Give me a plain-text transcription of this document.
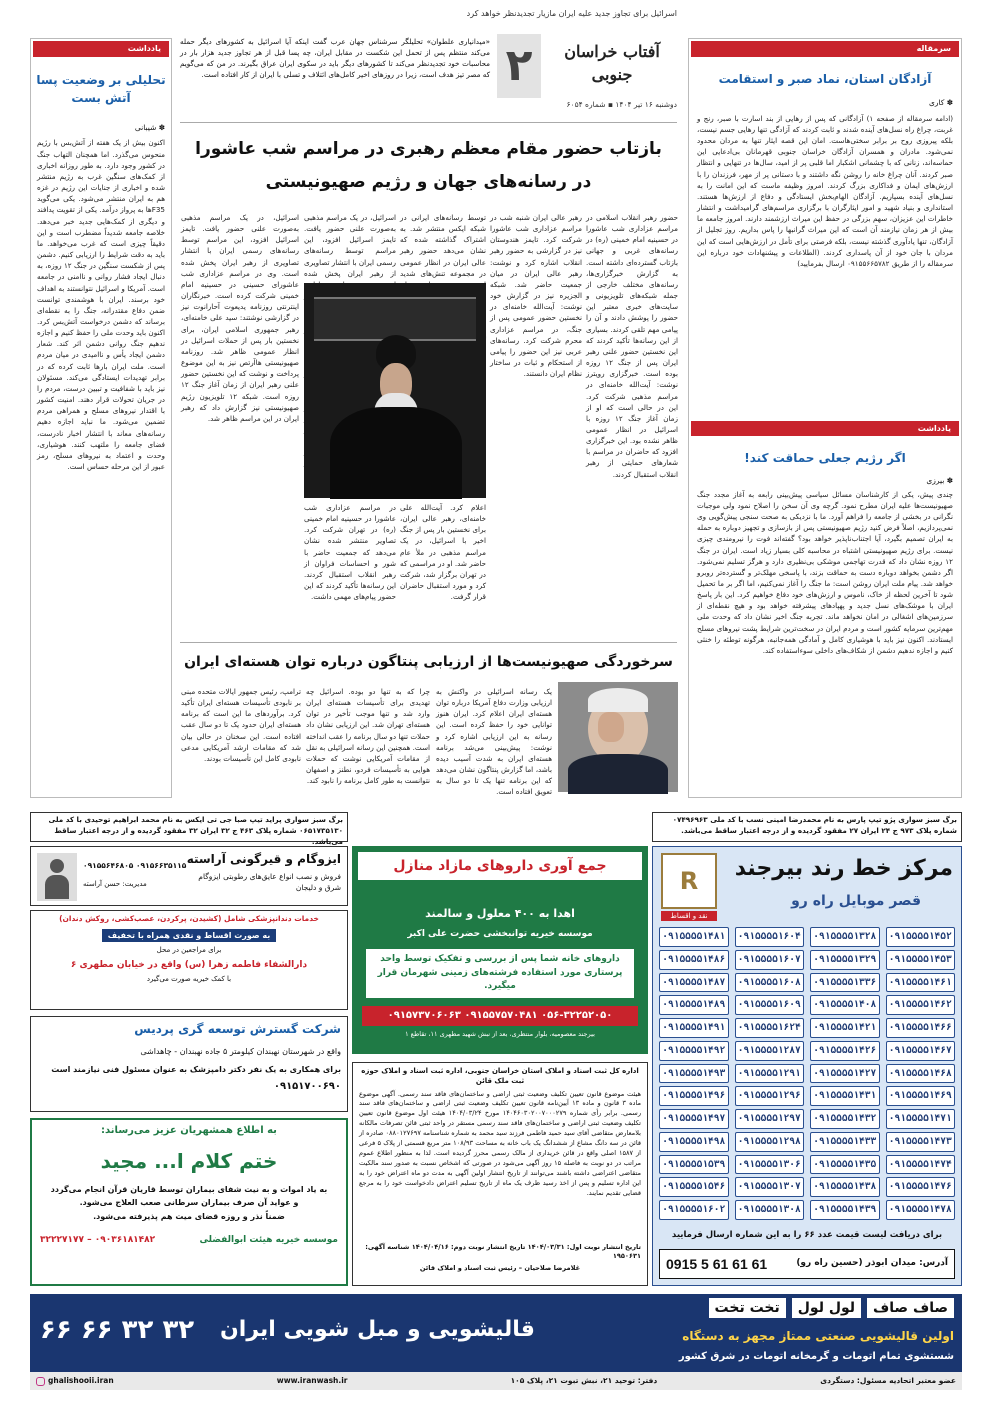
سرمقاله
آزادگان استان، نماد صبر و استقامت
✽ کاری
(ادامه سرمقاله از صفحه ۱) آزادگانی که پس از رهایی از بند اسارت با صبر، رنج و غربت، چراغ راه نسل‌های آینده شدند و ثابت کردند که آزادگی تنها رهایی جسم نیست، بلکه پیروزی روح بر برابر سختی‌هاست. امان این قصه ایثار تنها به مردان محدود نمی‌شود. مادران و همسران آزادگان خراسان جنوبی قهرمانان بی‌ادعایی این حماسه‌اند، زنانی که با چشمانی اشکبار اما قلبی پر از امید، سال‌ها در تنهایی و انتظار صبر کردند. آنان چراغ خانه را روشن نگه داشتند و با دستانی پر از مهر، فرزندان را با ارزش‌های ایمان و فداکاری بزرگ کردند. امروز وظیفه ماست که این امانت را به نسل‌های آینده بسپاریم. آزادگان الهام‌بخش ایستادگی و دفاع از ارزش‌ها هستند. استانداری و بنیاد شهید و امور ایثارگران با برگزاری مراسم‌های گرامیداشت و انتشار خاطرات این عزیزان، سهم بزرگی در حفظ این میراث ارزشمند دارند. امروز جامعه ما بیش از هر زمان نیازمند آن است که این میراث گرانبها را پاس بداریم. روز تجلیل از آزادگان، تنها یادآوری گذشته نیست، بلکه فرصتی برای تأمل در ارزش‌هایی است که این مردان با جان خود از آن پاسداری کردند. (الطلاعات و پیشنهادات خود درباره این سرمقاله را از طریق ۰۹۱۵۵۶۶۵۷۸۲ ارسال بفرمایید)
یادداشت
اگر رژیم جعلی حماقت کند!
✽ بیرزی
چندی پیش، یکی از کارشناسان مسائل سیاسی پیش‌بینی رابعه به آغاز مجدد جنگ صهیونیست‌ها علیه ایران مطرح نمود. گرچه وی آن سخن را اصلاح نمود ولی موجبات نگرانی در بخشی از جامعه را فراهم آورد. ما با نزدیکی به صحت سنجی پیش‌گویی وی نمی‌پردازیم، اصلاً فرض کنید رژیم صهیونیستی پس از بازسازی و تجهیز دوباره به حمله به ایران تصمیم بگیرد، آیا اجتناب‌ناپذیر خواهد بود؟ گفته‌اند فوت را نیرومندی چیزی نیست. برای رژیم صهیونیستی اشتباه در محاسبه کلی بسیار زیاد است. ایران در جنگ ۱۲ روزه نشان داد که قدرت تهاجمی موشکی بی‌نظیری دارد و هرگز تسلیم نمی‌شود. اگر دشمن بخواهد دوباره دست به حماقت بزند، با پاسخی مهلک‌تر و گسترده‌تر روبرو خواهد شد. پیام ملت ایران روشن است: ما جنگ را آغاز نمی‌کنیم، اما اگر بر ما تحمیل شود تا آخرین لحظه از خاک، ناموس و ارزش‌های خود دفاع خواهیم کرد. این بار پاسخ ایران با موشک‌های نسل جدید و پهپادهای پیشرفته خواهد بود و هیچ نقطه‌ای از سرزمین‌های اشغالی در امان نخواهد ماند. تجربه جنگ اخیر نشان داد که وحدت ملی مهم‌ترین سرمایه کشور است و مردم ایران در سخت‌ترین شرایط پشت نیروهای مسلح ایستادند. اکنون نیز باید با هوشیاری کامل و آمادگی همه‌جانبه، هرگونه توطئه را خنثی کنیم و اجازه ندهیم دشمن از شکاف‌های داخلی سوءاستفاده کند.
اسرائیل برای تجاوز جدید علیه ایران مازیار تجدیدنظر خواهد کرد
۲	آفتاب خراسان جنوبی
دوشنبه ۱۶ تیر ۱۴۰۴ ▪ شماره ۶۰۵۴
«میدانیاری علطوان» تحلیلگر سرشناس جهان عرب گفت اینکه آیا اسرائیل به کشورهای دیگر حمله می‌کند منتظم پس از تحمل این شکست در مقابل ایران، چه پسا قبل از هر تجاوز جدید هزار بار در محاسبات خود تجدیدنظر می‌کند تا کشورهای دیگر باید در سکوی ایران عراق بگیرند. در من که می‌گویم که مصر تیز هدف است، زیرا در روزهای اخیر کامل‌های ائتلاف و تسلی با ایران از کار افتاده است.
بازتاب حضور مقام معظم رهبری در مراسم شب عاشورا
در رسانه‌های جهان و رژیم صهیونیستی
حضور رهبر انقلاب اسلامی در مراسم عزاداری شب عاشورا در حسینیه امام خمینی (ره) در رسانه‌های غربی و جهانی بازتاب گسترده‌ای داشته است. به گزارش خبرگزاری‌ها، رسانه‌های مختلف خارجی از جمله شبکه‌های تلویزیونی و سایت‌های خبری معتبر این حضور را پوشش دادند و آن را پیامی مهم تلقی کردند. بسیاری از این رسانه‌ها تأکید کردند که این نخستین حضور علنی رهبر ایران پس از جنگ ۱۲ روزه بوده است. خبرگزاری رویترز نوشت: آیت‌الله خامنه‌ای در مراسم مذهبی شرکت کرد. این در حالی است که او از زمان آغاز جنگ ۱۲ روزه با اسرائیل در انظار عمومی ظاهر نشده بود. این خبرگزاری افزود که حاضران در مراسم با شعارهای حمایتی از رهبر انقلاب استقبال کردند.
رهبر عالی ایران شنبه شب در مراسم عزاداری شب عاشورا شرکت کرد. تایمز هندوستان نیز در گزارشی به حضور رهبر انقلاب اشاره کرد و نوشت: رهبر عالی ایران در میان جمعیت حاضر شد. شبکه الجزیره نیز در گزارش خود نوشت: آیت‌الله خامنه‌ای در نخستین حضور عمومی پس از جنگ، در مراسم عزاداری محرم شرکت کرد. رسانه‌های عربی نیز این حضور را پیامی از استحکام و ثبات در ساختار نظام ایران دانستند.
توسط رسانه‌های ایرانی در شبکه ایکس منتشر شد. به اشتراک گذاشته شده که نشان می‌دهد حضور رهبر عالی ایران در انظار عمومی در مجموعه تنش‌های شدید
اسرائیل، در یک مراسم مذهبی به‌صورت علنی حضور یافت. تایمز اسرائیل افزود، این مراسم توسط رسانه‌های رسمی ایران با انتشار تصاویری از رهبر ایران پخش شده
اسرائیل، در یک مراسم مذهبی به‌صورت علنی حضور یافت. تایمز اسرائیل افزود، این مراسم توسط رسانه‌های رسمی ایران با انتشار تصاویری از رهبر ایران پخش شده است. وی در مراسم عزاداری شب عاشورای حسینی در حسینیه امام خمینی شرکت کرده است. خبرنگاران اینترنتی روزنامه یدیعوت آحارانوت نیز در گزارشی نوشتند: سید علی خامنه‌ای، رهبر جمهوری اسلامی ایران، برای نخستین بار پس از حملات اسرائیل در انظار عمومی ظاهر شد. روزنامه صهیونیستی هاآرتص نیز به این موضوع پرداخت و نوشت که این نخستین حضور علنی رهبر ایران از زمان آغاز جنگ ۱۲ روزه است. شبکه ۱۲ تلویزیون رژیم صهیونیستی نیز گزارش داد که رهبر ایران در این مراسم ظاهر شد.
اعلام کرد. آیت‌الله علی خامنه‌ای، رهبر عالی ایران، برای نخستین بار پس از جنگ اخیر با اسرائیل، در یک مراسم مذهبی در ملأ عام حاضر شد. او در مراسمی که در تهران برگزار شد، شرکت کرد و مورد استقبال حاضران قرار گرفت.
در مراسم عزاداری شب عاشورا در حسینیه امام خمینی (ره) در تهران شرکت کرد. تصاویر منتشر شده نشان می‌دهد که جمعیت حاضر با شور و احساسات فراوان از رهبر انقلاب استقبال کردند. این رسانه‌ها تأکید کردند که این حضور پیام‌های مهمی داشت.
سرخوردگی صهیونیست‌ها از ارزیابی پنتاگون درباره توان هسته‌ای ایران
یک رسانه اسرائیلی در واکنش به ارزیابی وزارت دفاع آمریکا درباره توان هسته‌ای ایران اعلام کرد. ایران هنوز توانایی خود را حفظ کرده است. این رسانه به این ارزیابی اشاره کرد و نوشت: پیش‌بینی می‌شد برنامه هسته‌ای ایران به شدت آسیب دیده باشد، اما گزارش پنتاگون نشان می‌دهد که این برنامه تنها یک تا دو سال به تعویق افتاده است.
چرا که به تنها دو بوده. اسرائیل چه تهدیدی برای تأسیسات هسته‌ای ایران وارد شد و تنها موجب تأخیر در توان هسته‌ای تهران شد. این ارزیابی نشان داد حملات تنها دو سال برنامه را عقب انداخته است. همچنین این رسانه اسرائیلی به نقل از مقامات آمریکایی نوشت که حملات هوایی به تأسیسات فردو، نطنز و اصفهان نتوانست به طور کامل برنامه را نابود کند.
ترامپ، رئیس جمهور ایالات متحده مبنی بر نابودی تأسیسات هسته‌ای ایران تأکید کرد. برآوردهای ما این است که برنامه هسته‌ای ایران حدود یک تا دو سال عقب افتاده است. این سخنان در حالی بیان شد که مقامات ارشد آمریکایی مدعی نابودی کامل این تأسیسات بودند.
یادداشت
تحلیلی بر وضعیت پسا آتش بست
✽ شیبانی
اکنون بیش از یک هفته از آتش‌بس با رژیم منحوس می‌گذرد. اما همچنان التهاب جنگ در کشور وجود دارد. به طور روزانه اخباری از کمک‌های سنگین غرب به رژیم منتشر شده و اخباری از جنایات این رژیم در غزه هم به ایران منتشر می‌شود. یکی می‌گوید F35ها به پرواز درآمد. یکی از تقویت پدافند و دیگری از کمک‌هایی جدید خبر می‌دهد. خلاصه جامعه شدیداً مضطرب است و این دقیقاً چیزی است که غرب می‌خواهد. ما باید به دقت شرایط را ارزیابی کنیم. دشمن پس از شکست سنگین در جنگ ۱۲ روزه، به دنبال ایجاد فشار روانی و ناامنی در جامعه است. آمریکا و اسرائیل نتوانستند به اهداف خود برسند. ایران با هوشمندی توانست ضمن دفاع مقتدرانه، جنگ را به نقطه‌ای برساند که دشمن درخواست آتش‌بس کرد. اکنون باید وحدت ملی را حفظ کنیم و اجازه ندهیم جنگ روانی دشمن اثر کند. شعار دشمن ایجاد یأس و ناامیدی در میان مردم است. ملت ایران بارها ثابت کرده که در برابر تهدیدات ایستادگی می‌کند. مسئولان نیز باید با شفافیت و تبیین درست، مردم را در جریان تحولات قرار دهند. امنیت کشور با اقتدار نیروهای مسلح و همراهی مردم تضمین می‌شود. ما نباید اجازه دهیم رسانه‌های معاند با انتشار اخبار نادرست، فضای جامعه را ملتهب کنند. هوشیاری، وحدت و اعتماد به نیروهای مسلح، رمز عبور از این مرحله حساس است.
برگ سبز سواری پژو تیپ پارس به نام محمدرضا امینی نسب با کد ملی ۰۷۴۹۶۹۶۳ شماره پلاک ۹۷۳ ج ۲۴ ایران ۲۷ مفقود گردیده و از درجه اعتبار ساقط می‌باشد.
برگ سبز سواری پراید تیپ صبا جی تی ایکس به نام محمد ابراهیم توحیدی با کد ملی ۰۶۵۱۷۳۵۱۳۰ شماره پلاک ۴۶۳ ج ۳۲ ایران ۳۲ مفقود گردیده و از درجه اعتبار ساقط می‌باشد.
مرکز خط رند بیرجند
قصر موبایل راه رو
R
نقد و اقساط
۰۹۱۵۵۵۵۱۴۵۲
۰۹۱۵۵۵۵۱۳۲۸
۰۹۱۵۵۵۵۱۶۰۴
۰۹۱۵۵۵۵۱۴۸۱
۰۹۱۵۵۵۵۱۴۵۳
۰۹۱۵۵۵۵۱۳۲۹
۰۹۱۵۵۵۵۱۶۰۷
۰۹۱۵۵۵۵۱۴۸۶
۰۹۱۵۵۵۵۱۴۶۱
۰۹۱۵۵۵۵۱۳۳۶
۰۹۱۵۵۵۵۱۶۰۸
۰۹۱۵۵۵۵۱۴۸۷
۰۹۱۵۵۵۵۱۴۶۲
۰۹۱۵۵۵۵۱۴۰۸
۰۹۱۵۵۵۵۱۶۰۹
۰۹۱۵۵۵۵۱۴۸۹
۰۹۱۵۵۵۵۱۴۶۶
۰۹۱۵۵۵۵۱۴۲۱
۰۹۱۵۵۵۵۱۶۲۴
۰۹۱۵۵۵۵۱۴۹۱
۰۹۱۵۵۵۵۱۴۶۷
۰۹۱۵۵۵۵۱۴۲۶
۰۹۱۵۵۵۵۱۲۸۷
۰۹۱۵۵۵۵۱۴۹۲
۰۹۱۵۵۵۵۱۴۶۸
۰۹۱۵۵۵۵۱۴۲۷
۰۹۱۵۵۵۵۱۲۹۱
۰۹۱۵۵۵۵۱۴۹۳
۰۹۱۵۵۵۵۱۴۶۹
۰۹۱۵۵۵۵۱۴۳۱
۰۹۱۵۵۵۵۱۲۹۶
۰۹۱۵۵۵۵۱۴۹۶
۰۹۱۵۵۵۵۱۴۷۱
۰۹۱۵۵۵۵۱۴۳۲
۰۹۱۵۵۵۵۱۲۹۷
۰۹۱۵۵۵۵۱۴۹۷
۰۹۱۵۵۵۵۱۴۷۳
۰۹۱۵۵۵۵۱۴۳۳
۰۹۱۵۵۵۵۱۲۹۸
۰۹۱۵۵۵۵۱۴۹۸
۰۹۱۵۵۵۵۱۴۷۴
۰۹۱۵۵۵۵۱۴۳۵
۰۹۱۵۵۵۵۱۳۰۶
۰۹۱۵۵۵۵۱۵۳۹
۰۹۱۵۵۵۵۱۴۷۶
۰۹۱۵۵۵۵۱۴۳۸
۰۹۱۵۵۵۵۱۳۰۷
۰۹۱۵۵۵۵۱۵۴۶
۰۹۱۵۵۵۵۱۴۷۸
۰۹۱۵۵۵۵۱۴۳۹
۰۹۱۵۵۵۵۱۳۰۸
۰۹۱۵۵۵۵۱۶۰۲
برای دریافت لیست قیمت عدد ۶۶ را به این شماره ارسال فرمایید
آدرس: میدان ابوذر (حسین راه رو)
0915 5 61 61 61
جمع آوری داروهای مازاد منازل
اهدا به ۴۰۰ معلول و سالمند
موسسه خیریه توانبخشی حضرت علی اکبر
داروهای خانه شما پس از بررسی و تفکیک توسط واحد پرستاری مورد استفاده فرشته‌های زمینی شهرمان قرار میگیرد.
۰۵۶-۳۲۲۵۲۰۵۰ ۰۹۱۵۵۷۵۷۰۴۸۱ ۰۹۱۵۷۳۷۰۶۰۶۳
بیرجند معصومیه، بلوار منتظری، بعد از نبش شهید مطهری ۱۱، تقاطع ۱
اداره کل ثبت اسناد و املاک استان خراسان جنوبی، اداره ثبت اسناد و املاک حوزه ثبت ملک قائن
هیئت موضوع قانون تعیین تکلیف وضعیت ثبتی اراضی و ساختمان‌های فاقد سند رسمی. آگهی موضوع ماده ۳ قانون و ماده ۱۳ آیین‌نامه قانون تعیین تکلیف وضعیت ثبتی اراضی و ساختمان‌های فاقد سند رسمی. برابر رأی شماره ۱۴۰۴۶۰۳۰۲۰۰۷۰۰۰۲۷۹ مورخ ۱۴۰۴/۰۳/۲۴ هیئت اول موضوع قانون تعیین تکلیف وضعیت ثبتی اراضی و ساختمان‌های فاقد سند رسمی مستقر در واحد ثبتی قائن تصرفات مالکانه بلامعارض متقاضی آقای سید حمید فاطمی فرزند سید محمد به شماره شناسنامه ۰۸۸۰۱۲۷۶۹۷ صادره از قائن در سه دانگ مشاع از ششدانگ یک باب خانه به مساحت ۱۰۸/۹۳ متر مربع قسمتی از پلاک ۵ فرعی از ۱۵۸۷ اصلی واقع در قائن خریداری از مالک رسمی محرز گردیده است. لذا به منظور اطلاع عموم مراتب در دو نوبت به فاصله ۱۵ روز آگهی می‌شود در صورتی که اشخاص نسبت به صدور سند مالکیت متقاضی اعتراضی داشته باشند می‌توانند از تاریخ انتشار اولین آگهی به مدت دو ماه اعتراض خود را به این اداره تسلیم و پس از اخذ رسید ظرف یک ماه از تاریخ تسلیم اعتراض دادخواست خود را به مرجع قضایی تقدیم نمایند.
تاریخ انتشار نوبت اول: ۱۴۰۴/۰۳/۳۱ تاریخ انتشار نوبت دوم: ۱۴۰۴/۰۴/۱۶ شناسه آگهی: ۱۹۵۰۶۳۱
غلامرضا صلاحیان – رئیس ثبت اسناد و املاک قائن
ایزوگام و قیرگونی آراسته
فروش و نصب انواع عایق‌های رطوبتی ایزوگام شرق و دلیجان
مدیریت: حسن آراسته
۰۹۱۵۶۶۳۵۱۱۵ ۰۹۱۵۵۶۴۶۸۰۵
خدمات دندانپزشکی شامل (کشیدن، پرکردن، عصب‌کشی، روکش دندان)
به صورت اقساط و نقدی همراه با تخفیف
برای مراجعین در محل
دارالشفاء فاطمه زهرا (س) واقع در خیابان مطهری ۶
با کمک خیریه صورت می‌گیرد
شرکت گسترش توسعه گری پردیس
واقع در شهرستان نهبندان کیلومتر ۵ جاده نهبندان - چاهداشی
برای همکاری به یک نفر دکتر دامپزشک به عنوان مسئول فنی نیازمند است
۰۹۱۵۱۷۰۰۶۹۰
به اطلاع همشهریان عزیز می‌رساند:
ختم کلام ا... مجید
به یاد اموات و به نیت شفای بیماران توسط قاریان قرآن انجام می‌گردد
و عواید آن صرف بیماران سرطانی صعب العلاج می‌شود.
ضمناً نذر و روزه قضای میت هم پذیرفته می‌شود.
موسسه خیریه هیئت ابوالفضلی
۰۹۰۳۶۱۸۱۴۸۲ – ۳۲۲۲۷۱۷۷
صاف صاف
لول لول
تخت تخت
اولین قالیشویی صنعتی ممتاز مجهز به دستگاه
شستشوی تمام اتومات و گرمخانه اتومات در شرق کشور
قالیشویی و مبل شویی ایران
۳۲ ۳۲ ۶۶ ۶۶
عضو معتبر اتحادیه مسئول: دستگردی
دفتر: توحید ۲۱، نبش تبوت ۲۱، پلاک ۱۰۵
www.iranwash.ir
ghalishooii.iran
